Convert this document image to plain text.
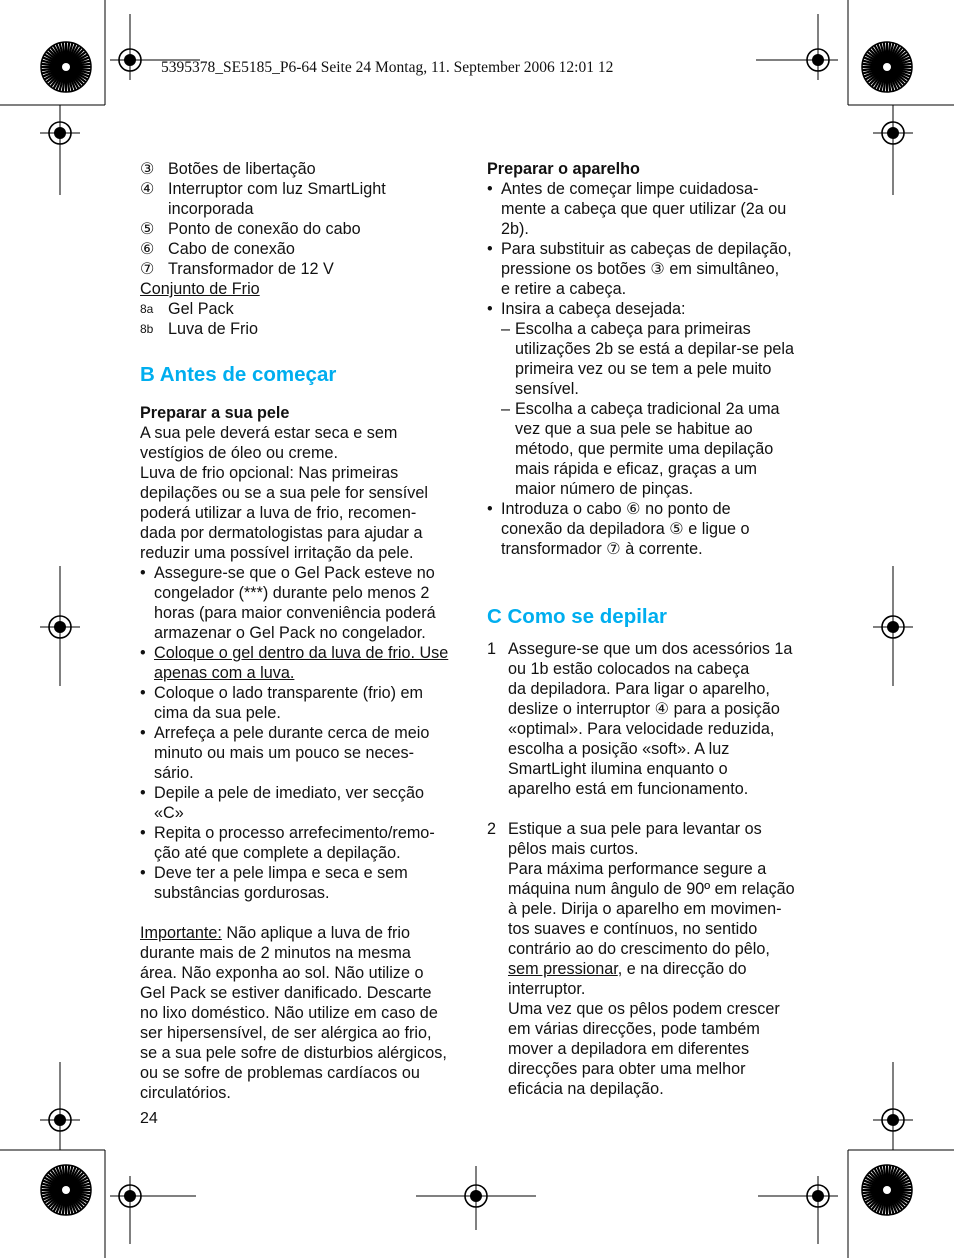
5395378_SE5185_P6-64 Seite 24 Montag, 11. September 2006 12:01 12
③ Botões de libertação
④ Interruptor com luz SmartLight
incorporada
⑤ Ponto de conexão do cabo
⑥ Cabo de conexão
⑦ Transformador de 12 V
Conjunto de Frio
8a Gel Pack
8b Luva de Frio
B Antes de começar
Preparar a sua pele
A sua pele deverá estar seca e sem
vestígios de óleo ou creme.
Luva de frio opcional: Nas primeiras
depilações ou se a sua pele for sensível
poderá utilizar a luva de frio, recomen-
dada por dermatologistas para ajudar a
reduzir uma possível irritação da pele.
• Assegure-se que o Gel Pack esteve no
congelador (***) durante pelo menos 2
horas (para maior conveniência poderá
armazenar o Gel Pack no congelador.
• Coloque o gel dentro da luva de frio. Use
apenas com a luva.
• Coloque o lado transparente (frio) em
cima da sua pele.
• Arrefeça a pele durante cerca de meio
minuto ou mais um pouco se neces-
sário.
• Depile a pele de imediato, ver secção
«C»
• Repita o processo arrefecimento/remo-
ção até que complete a depilação.
• Deve ter a pele limpa e seca e sem
substâncias gordurosas.
Importante: Não aplique a luva de frio
durante mais de 2 minutos na mesma
área. Não exponha ao sol. Não utilize o
Gel Pack se estiver danificado. Descarte
no lixo doméstico. Não utilize em caso de
ser hipersensível, de ser alérgica ao frio,
se a sua pele sofre de disturbios alérgicos,
ou se sofre de problemas cardíacos ou
circulatórios.
Preparar o aparelho
• Antes de começar limpe cuidadosa-
mente a cabeça que quer utilizar (2a ou
2b).
• Para substituir as cabeças de depilação,
pressione os botões ③ em simultâneo,
e retire a cabeça.
• Insira a cabeça desejada:
– Escolha a cabeça para primeiras
utilizações 2b se está a depilar-se pela
primeira vez ou se tem a pele muito
sensível.
– Escolha a cabeça tradicional 2a uma
vez que a sua pele se habitue ao
método, que permite uma depilação
mais rápida e eficaz, graças a um
maior número de pinças.
• Introduza o cabo ⑥ no ponto de
conexão da depiladora ⑤ e ligue o
transformador ⑦ à corrente.
C Como se depilar
1 Assegure-se que um dos acessórios 1a
ou 1b estão colocados na cabeça
da depiladora. Para ligar o aparelho,
deslize o interruptor ④ para a posição
«optimal». Para velocidade reduzida,
escolha a posição «soft». A luz
SmartLight ilumina enquanto o
aparelho está em funcionamento.
2 Estique a sua pele para levantar os
pêlos mais curtos.
Para máxima performance segure a
máquina num ângulo de 90º em relação
à pele. Dirija o aparelho em movimen-
tos suaves e contínuos, no sentido
contrário ao do crescimento do pêlo,
sem pressionar, e na direcção do
interruptor.
Uma vez que os pêlos podem crescer
em várias direcções, pode também
mover a depiladora em diferentes
direcções para obter uma melhor
eficácia na depilação.
24
